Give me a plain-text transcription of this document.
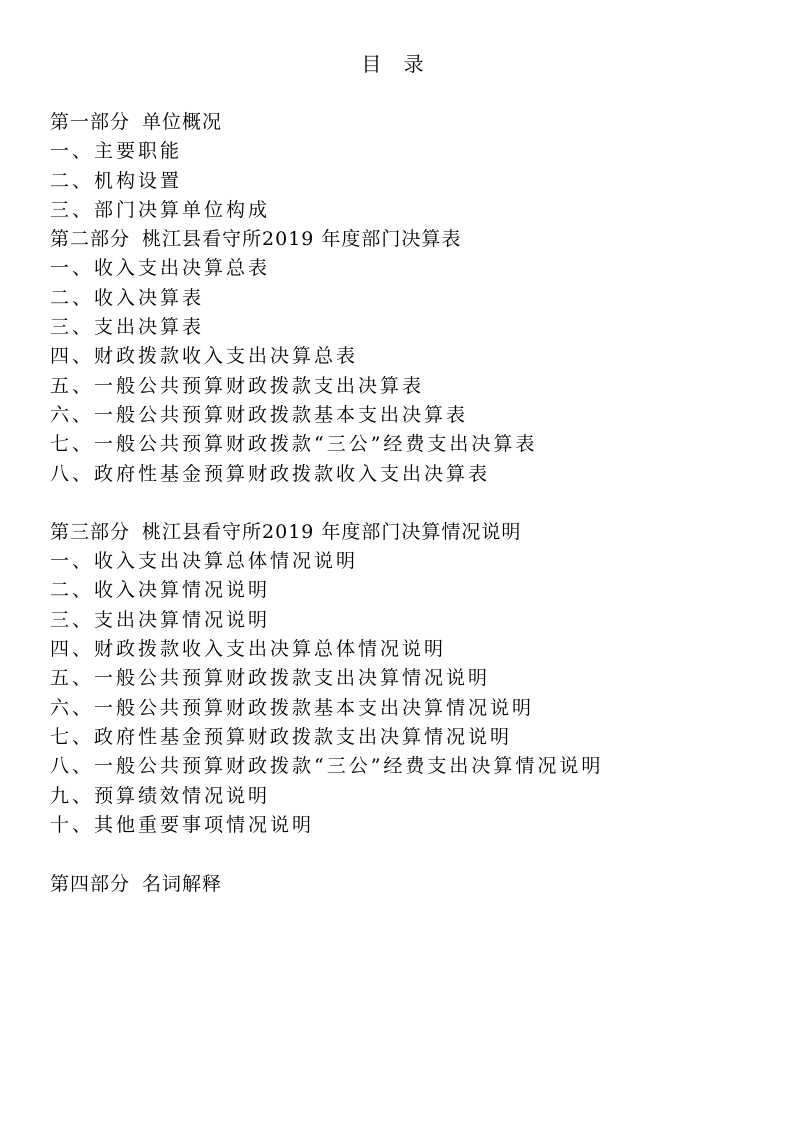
目 录
第一部分 单位概况
一、主要职能
二、机构设置
三、部门决算单位构成
第二部分 桃江县看守所2019 年度部门决算表
一、收入支出决算总表
二、收入决算表
三、支出决算表
四、财政拨款收入支出决算总表
五、一般公共预算财政拨款支出决算表
六、一般公共预算财政拨款基本支出决算表
七、一般公共预算财政拨款“三公”经费支出决算表
八、政府性基金预算财政拨款收入支出决算表
第三部分 桃江县看守所2019 年度部门决算情况说明
一、收入支出决算总体情况说明
二、收入决算情况说明
三、支出决算情况说明
四、财政拨款收入支出决算总体情况说明
五、一般公共预算财政拨款支出决算情况说明
六、一般公共预算财政拨款基本支出决算情况说明
七、政府性基金预算财政拨款支出决算情况说明
八、一般公共预算财政拨款“三公”经费支出决算情况说明
九、预算绩效情况说明
十、其他重要事项情况说明
第四部分 名词解释
